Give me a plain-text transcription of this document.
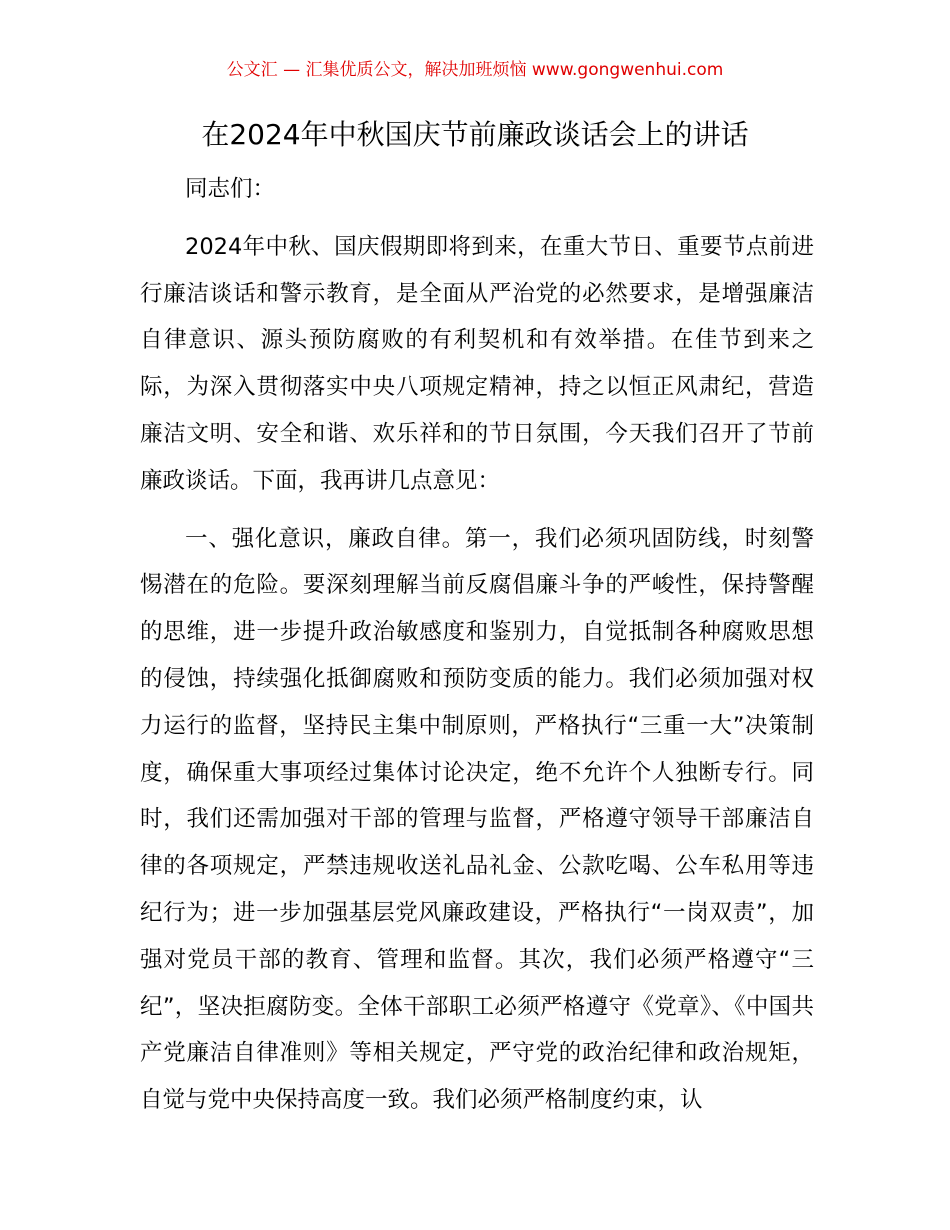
公文汇 — 汇集优质公文，解决加班烦恼 www.gongwenhui.com
在2024年中秋国庆节前廉政谈话会上的讲话

同志们：

2024年中秋、国庆假期即将到来，在重大节日、重要节点前进行廉洁谈话和警示教育，是全面从严治党的必然要求，是增强廉洁自律意识、源头预防腐败的有利契机和有效举措。在佳节到来之际，为深入贯彻落实中央八项规定精神，持之以恒正风肃纪，营造廉洁文明、安全和谐、欢乐祥和的节日氛围，今天我们召开了节前廉政谈话。下面，我再讲几点意见：

一、强化意识，廉政自律。第一，我们必须巩固防线，时刻警惕潜在的危险。要深刻理解当前反腐倡廉斗争的严峻性，保持警醒的思维，进一步提升政治敏感度和鉴别力，自觉抵制各种腐败思想的侵蚀，持续强化抵御腐败和预防变质的能力。我们必须加强对权力运行的监督，坚持民主集中制原则，严格执行“三重一大”决策制度，确保重大事项经过集体讨论决定，绝不允许个人独断专行。同时，我们还需加强对干部的管理与监督，严格遵守领导干部廉洁自律的各项规定，严禁违规收送礼品礼金、公款吃喝、公车私用等违纪行为；进一步加强基层党风廉政建设，严格执行“一岗双责”，加强对党员干部的教育、管理和监督。其次，我们必须严格遵守“三纪”，坚决拒腐防变。全体干部职工必须严格遵守《党章》、《中国共产党廉洁自律准则》等相关规定，严守党的政治纪律和政治规矩，自觉与党中央保持高度一致。我们必须严格制度约束，认
